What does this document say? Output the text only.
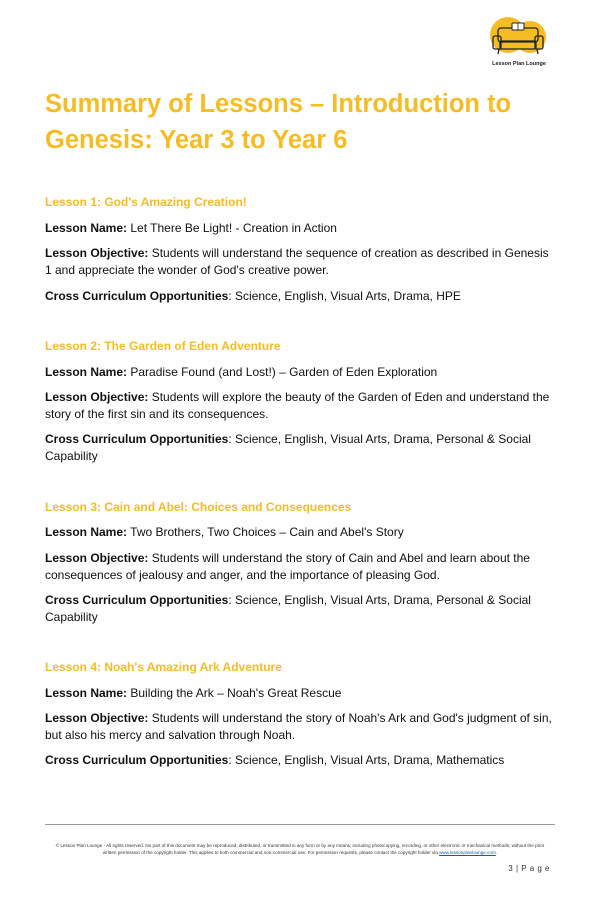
Lesson Plan Lounge
Summary of Lessons – Introduction to Genesis: Year 3 to Year 6
Lesson 1: God's Amazing Creation!

Lesson Name: Let There Be Light! - Creation in Action

Lesson Objective: Students will understand the sequence of creation as described in Genesis 1 and appreciate the wonder of God's creative power.

Cross Curriculum Opportunities: Science, English, Visual Arts, Drama, HPE

Lesson 2: The Garden of Eden Adventure

Lesson Name: Paradise Found (and Lost!) – Garden of Eden Exploration

Lesson Objective: Students will explore the beauty of the Garden of Eden and understand the story of the first sin and its consequences.

Cross Curriculum Opportunities: Science, English, Visual Arts, Drama, Personal & Social Capability

Lesson 3: Cain and Abel: Choices and Consequences

Lesson Name: Two Brothers, Two Choices – Cain and Abel's Story

Lesson Objective: Students will understand the story of Cain and Abel and learn about the consequences of jealousy and anger, and the importance of pleasing God.

Cross Curriculum Opportunities: Science, English, Visual Arts, Drama, Personal & Social Capability

Lesson 4: Noah's Amazing Ark Adventure

Lesson Name: Building the Ark – Noah's Great Rescue

Lesson Objective: Students will understand the story of Noah's Ark and God's judgment of sin, but also his mercy and salvation through Noah.

Cross Curriculum Opportunities: Science, English, Visual Arts, Drama, Mathematics

© Lesson Plan Lounge - All rights reserved. No part of this document may be reproduced, distributed, or transmitted in any form or by any means, including photocopying, recording, or other electronic or mechanical methods, without the prior written permission of the copyright holder. This applies to both commercial and non-commercial use. For permission requests, please contact the copyright holder via www.lessonplanlounge.com.
3 | P a g e
